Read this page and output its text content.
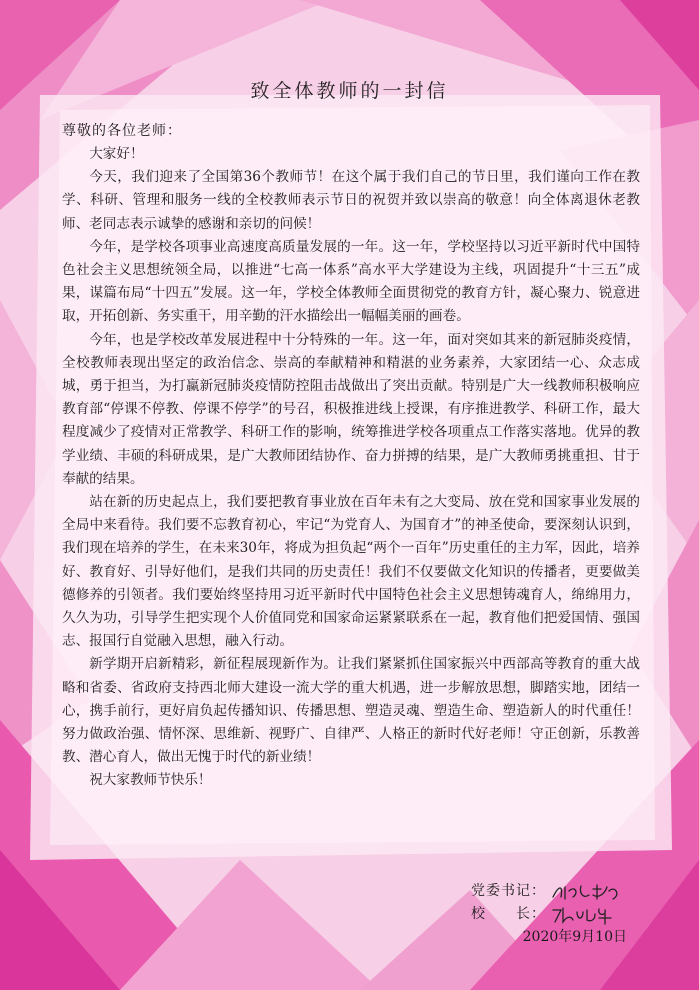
致全体教师的一封信
尊敬的各位老师：

大家好！

今天，我们迎来了全国第36个教师节！在这个属于我们自己的节日里，我们谨向工作在教学、科研、管理和服务一线的全校教师表示节日的祝贺并致以崇高的敬意！向全体离退休老教师、老同志表示诚挚的感谢和亲切的问候！

今年，是学校各项事业高速度高质量发展的一年。这一年，学校坚持以习近平新时代中国特色社会主义思想统领全局，以推进“七高一体系”高水平大学建设为主线，巩固提升“十三五”成果，谋篇布局“十四五”发展。这一年，学校全体教师全面贯彻党的教育方针，凝心聚力、锐意进取，开拓创新、务实重干，用辛勤的汗水描绘出一幅幅美丽的画卷。

今年，也是学校改革发展进程中十分特殊的一年。这一年，面对突如其来的新冠肺炎疫情，全校教师表现出坚定的政治信念、崇高的奉献精神和精湛的业务素养，大家团结一心、众志成城，勇于担当，为打赢新冠肺炎疫情防控阻击战做出了突出贡献。特别是广大一线教师积极响应教育部“停课不停教、停课不停学”的号召，积极推进线上授课，有序推进教学、科研工作，最大程度减少了疫情对正常教学、科研工作的影响，统筹推进学校各项重点工作落实落地。优异的教学业绩、丰硕的科研成果，是广大教师团结协作、奋力拼搏的结果，是广大教师勇挑重担、甘于奉献的结果。

站在新的历史起点上，我们要把教育事业放在百年未有之大变局、放在党和国家事业发展的全局中来看待。我们要不忘教育初心，牢记“为党育人、为国育才”的神圣使命，要深刻认识到，我们现在培养的学生，在未来30年，将成为担负起“两个一百年”历史重任的主力军，因此，培养好、教育好、引导好他们，是我们共同的历史责任！我们不仅要做文化知识的传播者，更要做美德修养的引领者。我们要始终坚持用习近平新时代中国特色社会主义思想铸魂育人，绵绵用力，久久为功，引导学生把实现个人价值同党和国家命运紧紧联系在一起，教育他们把爱国情、强国志、报国行自觉融入思想，融入行动。

新学期开启新精彩，新征程展现新作为。让我们紧紧抓住国家振兴中西部高等教育的重大战略和省委、省政府支持西北师大建设一流大学的重大机遇，进一步解放思想，脚踏实地，团结一心，携手前行，更好肩负起传播知识、传播思想、塑造灵魂、塑造生命、塑造新人的时代重任！努力做政治强、情怀深、思维新、视野广、自律严、人格正的新时代好老师！守正创新，乐教善教、潜心育人，做出无愧于时代的新业绩！

祝大家教师节快乐！

党委书记：
校　　长：
2020年9月10日
